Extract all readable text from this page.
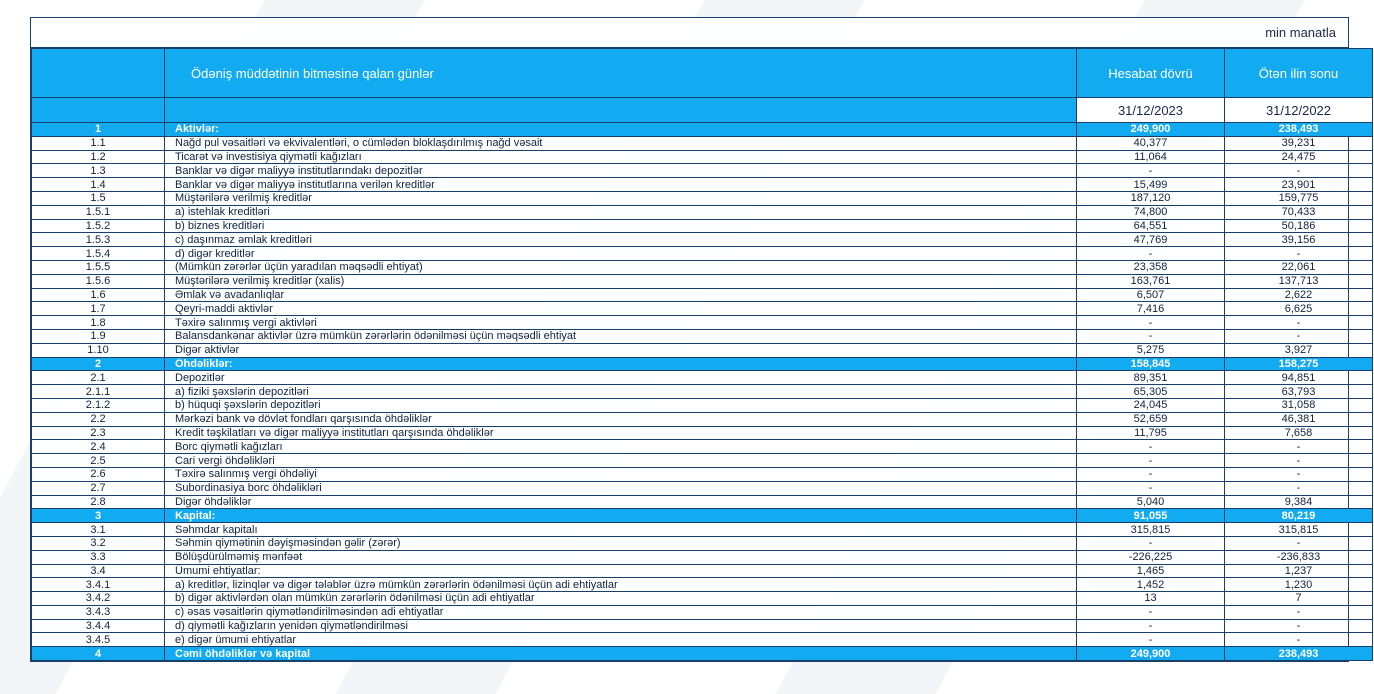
min manatla
	Ödəniş müddətinin bitməsinə qalan günlər	Hesabat dövrü	Ötən ilin sonu
		31/12/2023	31/12/2022
1	Aktivlər:	249,900	238,493
1.1	Nağd pul vəsaitləri və ekvivalentləri, o cümlədən bloklaşdırılmış nağd vəsait	40,377	39,231
1.2	Ticarət və investisiya qiymətli kağızları	11,064	24,475
1.3	Banklar və digər maliyyə institutlarındakı depozitlər	-	-
1.4	Banklar və digər maliyyə institutlarına verilən kreditlər	15,499	23,901
1.5	Müştərilərə verilmiş kreditlər	187,120	159,775
1.5.1	a) istehlak kreditləri	74,800	70,433
1.5.2	b) biznes kreditləri	64,551	50,186
1.5.3	c) daşınmaz əmlak kreditləri	47,769	39,156
1.5.4	d) digər kreditlər	-	-
1.5.5	(Mümkün zərərlər üçün yaradılan məqsədli ehtiyat)	23,358	22,061
1.5.6	Müştərilərə verilmiş kreditlər (xalis)	163,761	137,713
1.6	Əmlak və avadanlıqlar	6,507	2,622
1.7	Qeyri-maddi aktivlər	7,416	6,625
1.8	Təxirə salınmış vergi aktivləri	-	-
1.9	Balansdankənar aktivlər üzrə mümkün zərərlərin ödənilməsi üçün məqsədli ehtiyat	-	-
1.10	Digər aktivlər	5,275	3,927
2	Öhdəliklər:	158,845	158,275
2.1	Depozitlər	89,351	94,851
2.1.1	a) fiziki şəxslərin depozitləri	65,305	63,793
2.1.2	b) hüquqi şəxslərin depozitləri	24,045	31,058
2.2	Mərkəzi bank və dövlət fondları qarşısında öhdəliklər	52,659	46,381
2.3	Kredit təşkilatları və digər maliyyə institutları qarşısında öhdəliklər	11,795	7,658
2.4	Borc qiymətli kağızları	-	-
2.5	Cari vergi öhdəlikləri	-	-
2.6	Təxirə salınmış vergi öhdəliyi	-	-
2.7	Subordinasiya borc öhdəlikləri	-	-
2.8	Digər öhdəliklər	5,040	9,384
3	Kapital:	91,055	80,219
3.1	Səhmdar kapitalı	315,815	315,815
3.2	Səhmin qiymətinin dəyişməsindən gəlir (zərər)	-	-
3.3	Bölüşdürülməmiş mənfəət	-226,225	-236,833
3.4	Ümumi ehtiyatlar:	1,465	1,237
3.4.1	a) kreditlər, lizinqlər və digər tələblər üzrə mümkün zərərlərin ödənilməsi üçün adi ehtiyatlar	1,452	1,230
3.4.2	b) digər aktivlərdən olan mümkün zərərlərin ödənilməsi üçün adi ehtiyatlar	13	7
3.4.3	c) əsas vəsaitlərin qiymətləndirilməsindən adi ehtiyatlar	-	-
3.4.4	d) qiymətli kağızların yenidən qiymətləndirilməsi	-	-
3.4.5	e) digər ümumi ehtiyatlar	-	-
4	Cəmi öhdəliklər və kapital	249,900	238,493
